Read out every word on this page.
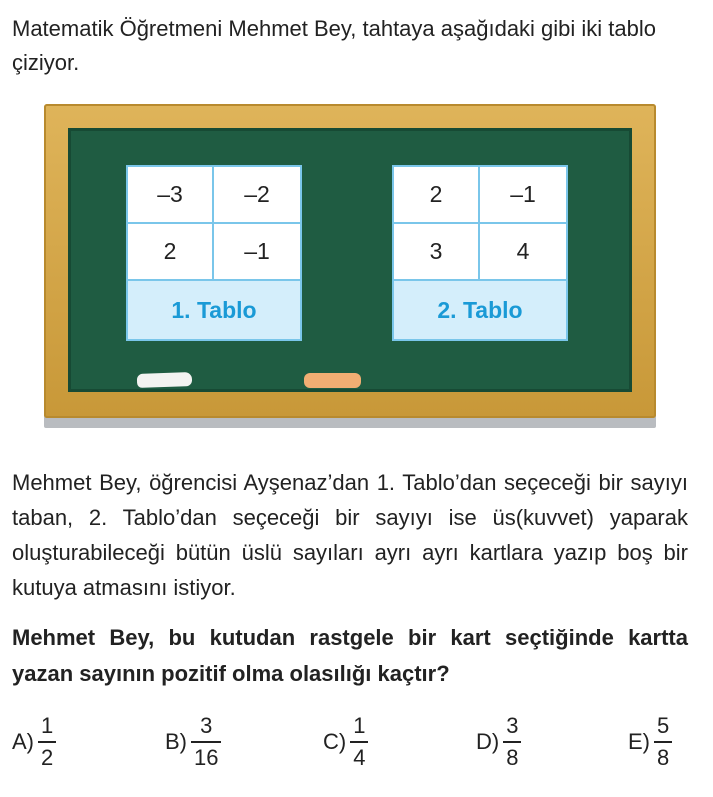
Matematik Öğretmeni Mehmet Bey, tahtaya aşağıdaki gibi iki tablo çiziyor.

–3	–2
2	–1
1. Tablo
2	–1
3	4
2. Tablo

Mehmet Bey, öğrencisi Ayşenaz’dan 1. Tablo’dan seçeceği bir sayıyı taban, 2. Tablo’dan seçeceği bir sayıyı ise üs(kuvvet) yaparak oluşturabileceği bütün üslü sayıları ayrı ayrı kartlara yazıp boş bir kutuya atmasını istiyor.

Mehmet Bey, bu kutudan rastgele bir kart seçtiğinde kartta yazan sayının pozitif olma olasılığı kaçtır?

$A) \frac{1}{2}$	$B) \frac{3}{16}$	$C) \frac{1}{4}$	$D) \frac{3}{8}$	$E) \frac{5}{8}$
